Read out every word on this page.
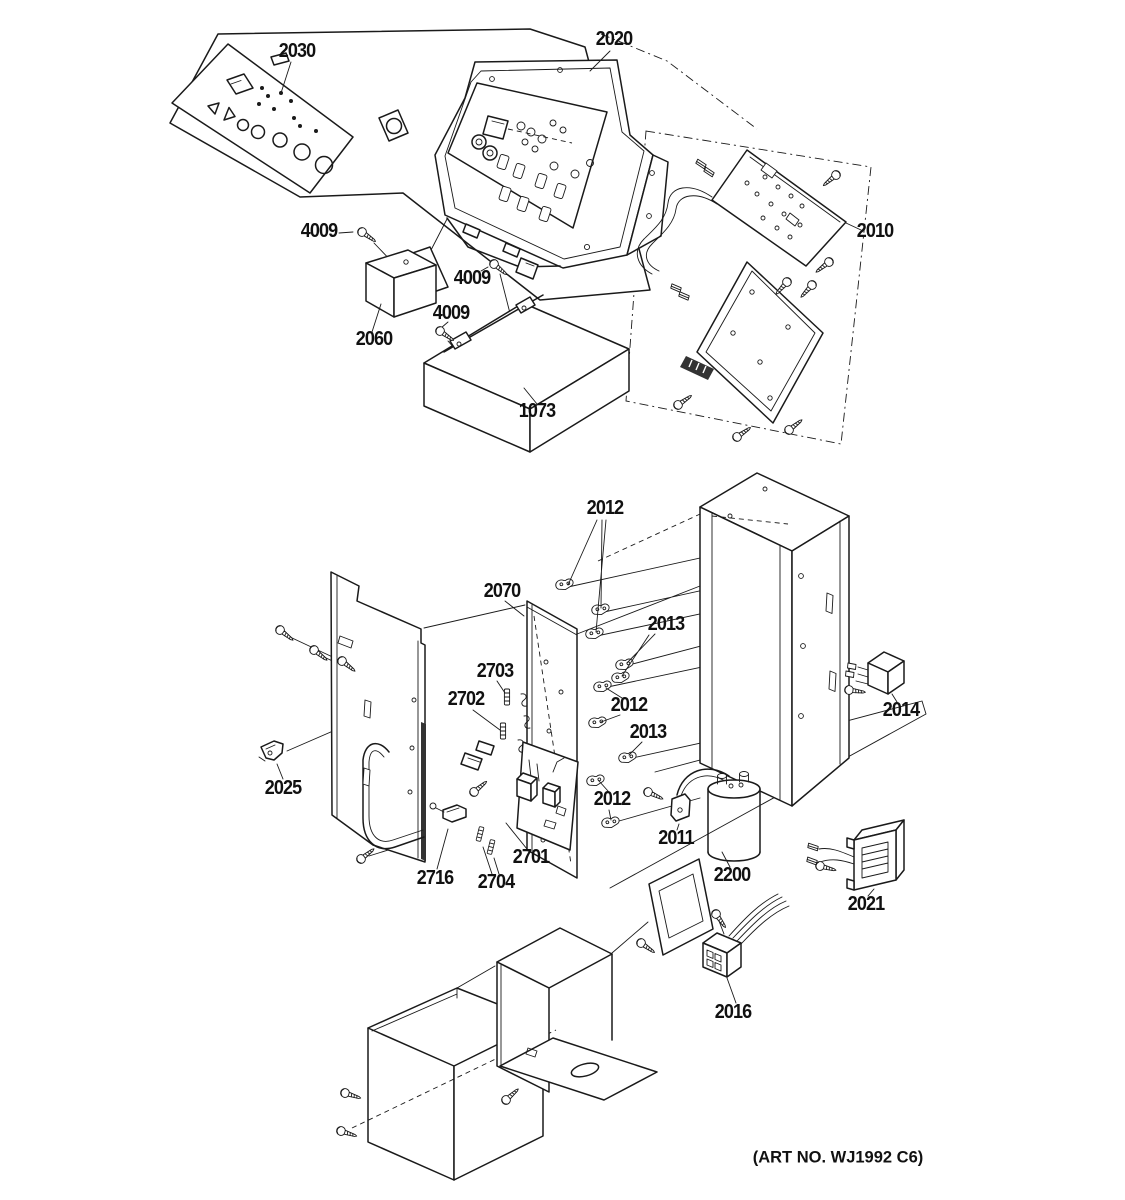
2030
2020
2010
4009
4009
4009
2060
1073
2012
2070
2013
2703
2702	2012
2013
2025	2012
2011
2200
2014
2716 2704
2701
2021
2016
(ART NO. WJ1992 C6)
